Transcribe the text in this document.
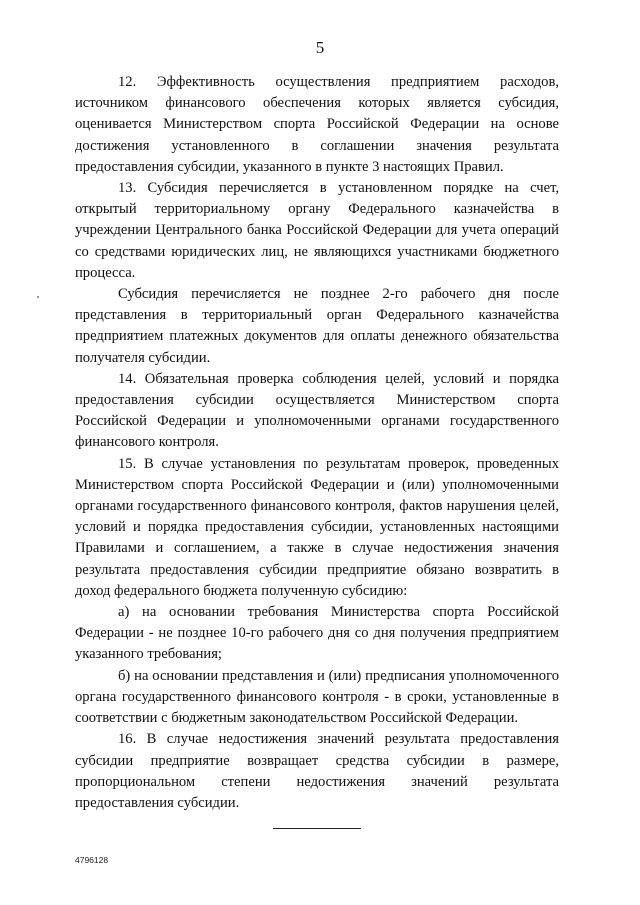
5

12. Эффективность осуществления предприятием расходов, источником финансового обеспечения которых является субсидия, оценивается Министерством спорта Российской Федерации на основе достижения установленного в соглашении значения результата предоставления субсидии, указанного в пункте 3 настоящих Правил.

13. Субсидия перечисляется в установленном порядке на счет, открытый территориальному органу Федерального казначейства в учреждении Центрального банка Российской Федерации для учета операций со средствами юридических лиц, не являющихся участниками бюджетного процесса.

Субсидия перечисляется не позднее 2-го рабочего дня после представления в территориальный орган Федерального казначейства предприятием платежных документов для оплаты денежного обязательства получателя субсидии.

14. Обязательная проверка соблюдения целей, условий и порядка предоставления субсидии осуществляется Министерством спорта Российской Федерации и уполномоченными органами государственного финансового контроля.

15. В случае установления по результатам проверок, проведенных Министерством спорта Российской Федерации и (или) уполномоченными органами государственного финансового контроля, фактов нарушения целей, условий и порядка предоставления субсидии, установленных настоящими Правилами и соглашением, а также в случае недостижения значения результата предоставления субсидии предприятие обязано возвратить в доход федерального бюджета полученную субсидию:

а) на основании требования Министерства спорта Российской Федерации - не позднее 10-го рабочего дня со дня получения предприятием указанного требования;

б) на основании представления и (или) предписания уполномоченного органа государственного финансового контроля - в сроки, установленные в соответствии с бюджетным законодательством Российской Федерации.

16. В случае недостижения значений результата предоставления субсидии предприятие возвращает средства субсидии в размере, пропорциональном степени недостижения значений результата предоставления субсидии.

4796128
